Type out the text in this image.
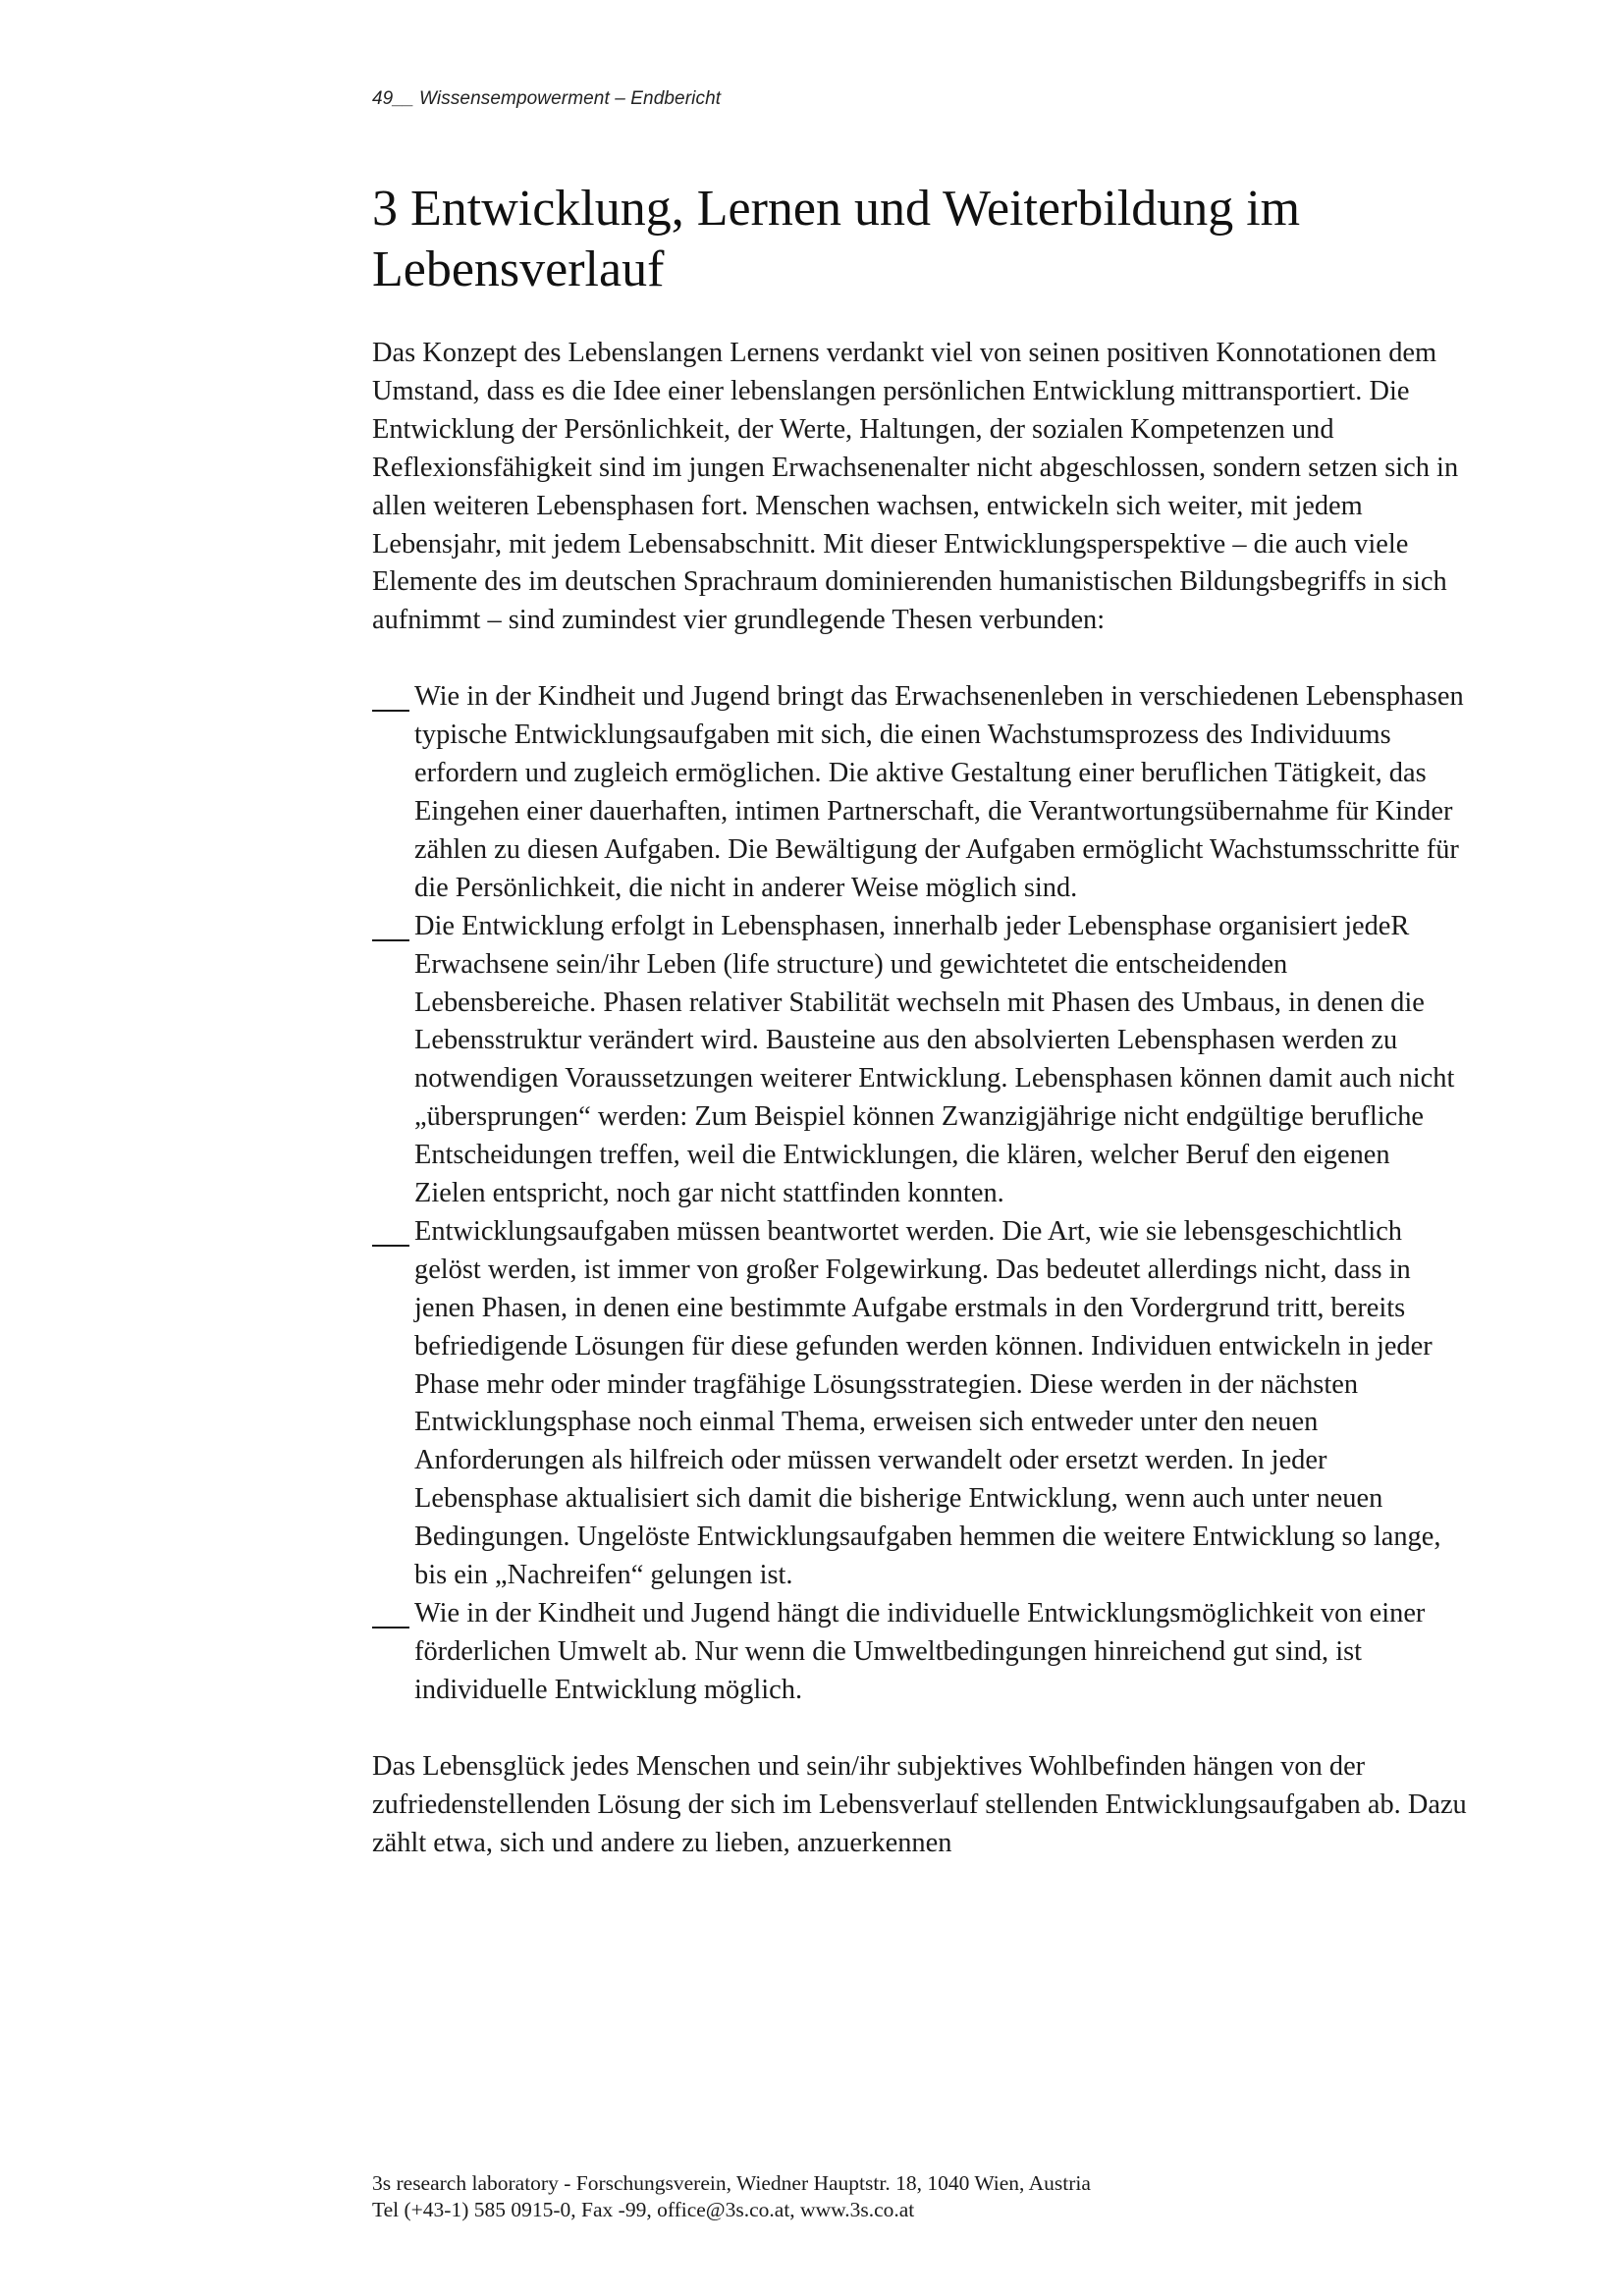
49__ Wissensempowerment – Endbericht
3 Entwicklung, Lernen und Weiterbildung im Lebensverlauf

Das Konzept des Lebenslangen Lernens verdankt viel von seinen positiven Konnotationen dem Umstand, dass es die Idee einer lebenslangen persönlichen Entwicklung mittransportiert. Die Entwicklung der Persönlichkeit, der Werte, Haltungen, der sozialen Kompetenzen und Reflexionsfähigkeit sind im jungen Erwachsenenalter nicht abgeschlossen, sondern setzen sich in allen weiteren Lebensphasen fort. Menschen wachsen, entwickeln sich weiter, mit jedem Lebensjahr, mit jedem Lebensabschnitt. Mit dieser Entwicklungsperspektive – die auch viele Elemente des im deutschen Sprachraum dominierenden humanistischen Bildungsbegriffs in sich aufnimmt – sind zumindest vier grundlegende Thesen verbunden:

Wie in der Kindheit und Jugend bringt das Erwachsenenleben in verschiedenen Lebensphasen typische Entwicklungsaufgaben mit sich, die einen Wachstumsprozess des Individuums erfordern und zugleich ermöglichen. Die aktive Gestaltung einer beruflichen Tätigkeit, das Eingehen einer dauerhaften, intimen Partnerschaft, die Verantwortungsübernahme für Kinder zählen zu diesen Aufgaben. Die Bewältigung der Aufgaben ermöglicht Wachstumsschritte für die Persönlichkeit, die nicht in anderer Weise möglich sind.
Die Entwicklung erfolgt in Lebensphasen, innerhalb jeder Lebensphase organisiert jedeR Erwachsene sein/ihr Leben (life structure) und gewichtetet die entscheidenden Lebensbereiche. Phasen relativer Stabilität wechseln mit Phasen des Umbaus, in denen die Lebensstruktur verändert wird. Bausteine aus den absolvierten Lebensphasen werden zu notwendigen Voraussetzungen weiterer Entwicklung. Lebensphasen können damit auch nicht „übersprungen“ werden: Zum Beispiel können Zwanzigjährige nicht endgültige berufliche Entscheidungen treffen, weil die Entwicklungen, die klären, welcher Beruf den eigenen Zielen entspricht, noch gar nicht stattfinden konnten.
Entwicklungsaufgaben müssen beantwortet werden. Die Art, wie sie lebensgeschichtlich gelöst werden, ist immer von großer Folgewirkung. Das bedeutet allerdings nicht, dass in jenen Phasen, in denen eine bestimmte Aufgabe erstmals in den Vordergrund tritt, bereits befriedigende Lösungen für diese gefunden werden können. Individuen entwickeln in jeder Phase mehr oder minder tragfähige Lösungsstrategien. Diese werden in der nächsten Entwicklungsphase noch einmal Thema, erweisen sich entweder unter den neuen Anforderungen als hilfreich oder müssen verwandelt oder ersetzt werden. In jeder Lebensphase aktualisiert sich damit die bisherige Entwicklung, wenn auch unter neuen Bedingungen. Ungelöste Entwicklungsaufgaben hemmen die weitere Entwicklung so lange, bis ein „Nachreifen“ gelungen ist.
Wie in der Kindheit und Jugend hängt die individuelle Entwicklungsmöglichkeit von einer förderlichen Umwelt ab. Nur wenn die Umweltbedingungen hinreichend gut sind, ist individuelle Entwicklung möglich.

Das Lebensglück jedes Menschen und sein/ihr subjektives Wohlbefinden hängen von der zufriedenstellenden Lösung der sich im Lebensverlauf stellenden Entwicklungsaufgaben ab. Dazu zählt etwa, sich und andere zu lieben, anzuerkennen

3s research laboratory - Forschungsverein, Wiedner Hauptstr. 18, 1040 Wien, Austria
Tel (+43-1) 585 0915-0, Fax -99, office@3s.co.at, www.3s.co.at
